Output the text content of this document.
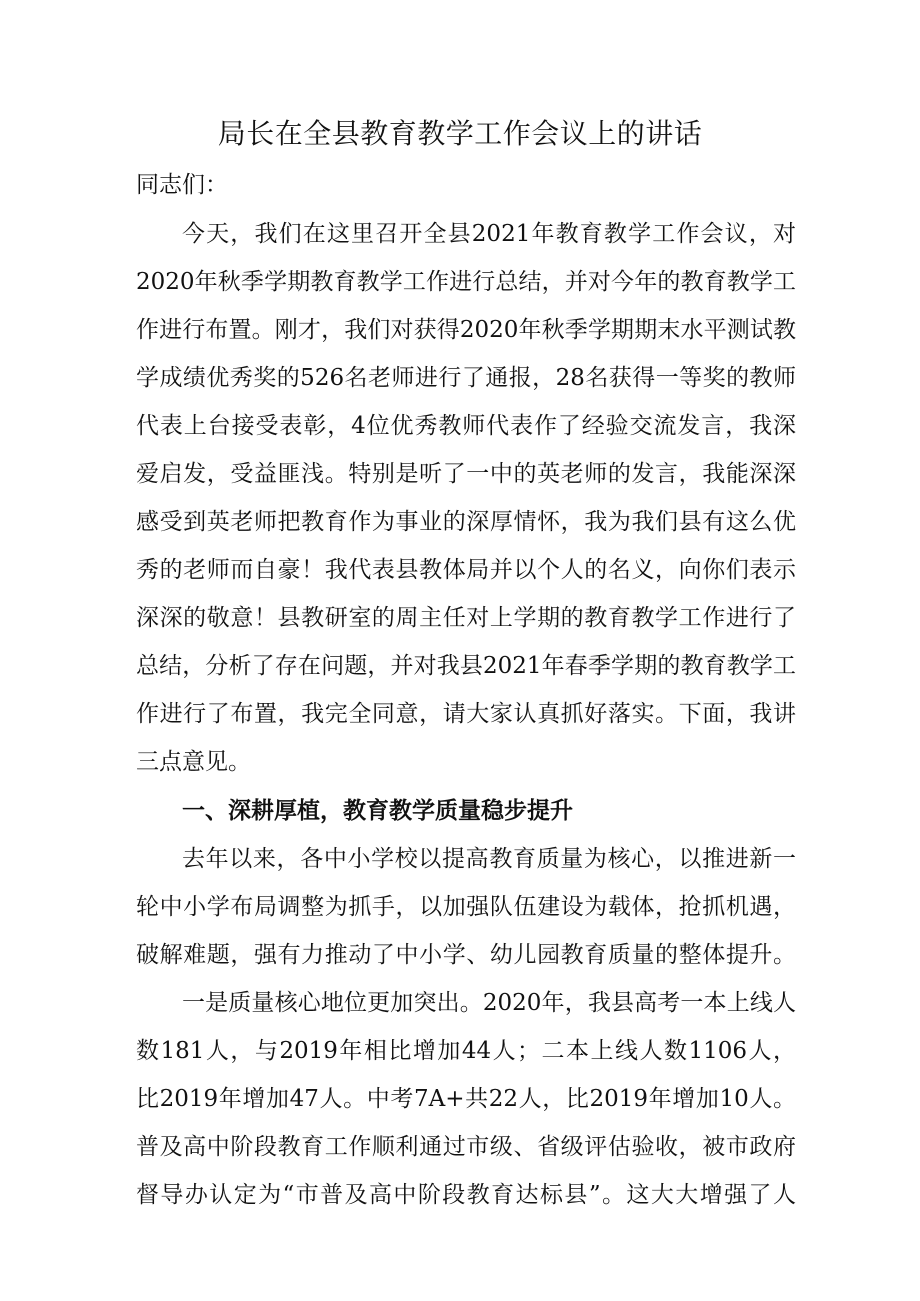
局长在全县教育教学工作会议上的讲话
同志们：
今天，我们在这里召开全县2021年教育教学工作会议，对
2020年秋季学期教育教学工作进行总结，并对今年的教育教学工
作进行布置。刚才，我们对获得2020年秋季学期期末水平测试教
学成绩优秀奖的526名老师进行了通报，28名获得一等奖的教师
代表上台接受表彰，4位优秀教师代表作了经验交流发言，我深
爱启发，受益匪浅。特别是听了一中的英老师的发言，我能深深
感受到英老师把教育作为事业的深厚情怀，我为我们县有这么优
秀的老师而自豪！我代表县教体局并以个人的名义，向你们表示
深深的敬意！县教研室的周主任对上学期的教育教学工作进行了
总结，分析了存在问题，并对我县2021年春季学期的教育教学工
作进行了布置，我完全同意，请大家认真抓好落实。下面，我讲
三点意见。
一、深耕厚植，教育教学质量稳步提升
去年以来，各中小学校以提高教育质量为核心，以推进新一
轮中小学布局调整为抓手，以加强队伍建设为载体，抢抓机遇，
破解难题，强有力推动了中小学、幼儿园教育质量的整体提升。
一是质量核心地位更加突出。2020年，我县高考一本上线人
数181人，与2019年相比增加44人；二本上线人数1106人，
比2019年增加47人。中考7A+共22人，比2019年增加10人。
普及高中阶段教育工作顺利通过市级、省级评估验收，被市政府
督导办认定为“市普及高中阶段教育达标县”。这大大增强了人
